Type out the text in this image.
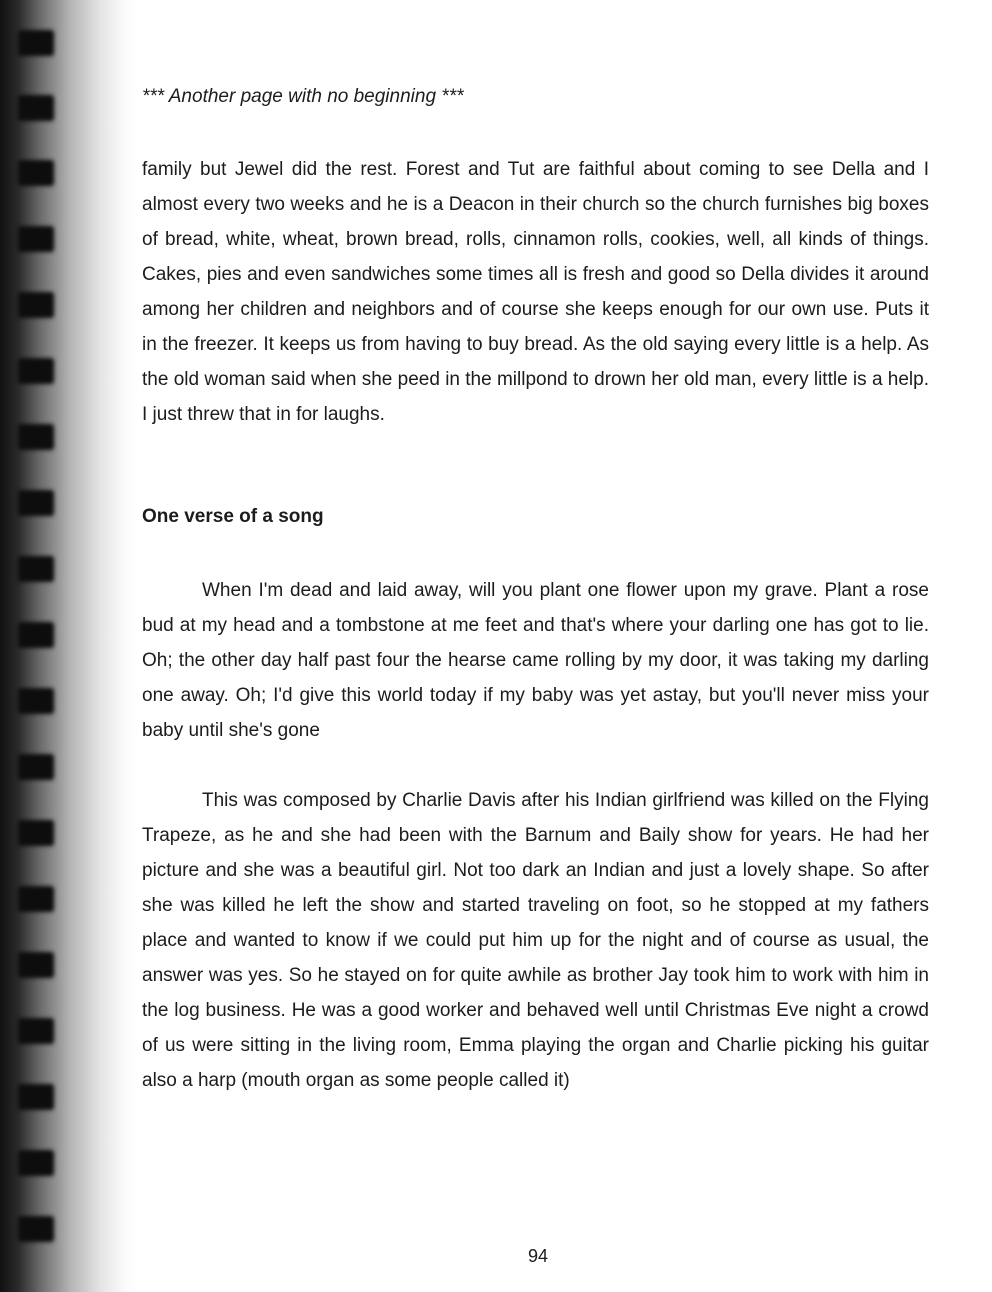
*** Another page with no beginning ***
family but Jewel did the rest. Forest and Tut are faithful about coming to see Della and I almost every two weeks and he is a Deacon in their church so the church furnishes big boxes of bread, white, wheat, brown bread, rolls, cinnamon rolls, cookies, well, all kinds of things. Cakes, pies and even sandwiches some times all is fresh and good so Della divides it around among her children and neighbors and of course she keeps enough for our own use. Puts it in the freezer. It keeps us from having to buy bread. As the old saying every little is a help. As the old woman said when she peed in the millpond to drown her old man, every little is a help. I just threw that in for laughs.
One verse of a song
When I'm dead and laid away, will you plant one flower upon my grave. Plant a rose bud at my head and a tombstone at me feet and that's where your darling one has got to lie. Oh; the other day half past four the hearse came rolling by my door, it was taking my darling one away. Oh; I'd give this world today if my baby was yet astay, but you'll never miss your baby until she's gone
This was composed by Charlie Davis after his Indian girlfriend was killed on the Flying Trapeze, as he and she had been with the Barnum and Baily show for years. He had her picture and she was a beautiful girl. Not too dark an Indian and just a lovely shape. So after she was killed he left the show and started traveling on foot, so he stopped at my fathers place and wanted to know if we could put him up for the night and of course as usual, the answer was yes. So he stayed on for quite awhile as brother Jay took him to work with him in the log business. He was a good worker and behaved well until Christmas Eve night a crowd of us were sitting in the living room, Emma playing the organ and Charlie picking his guitar also a harp (mouth organ as some people called it)
94
